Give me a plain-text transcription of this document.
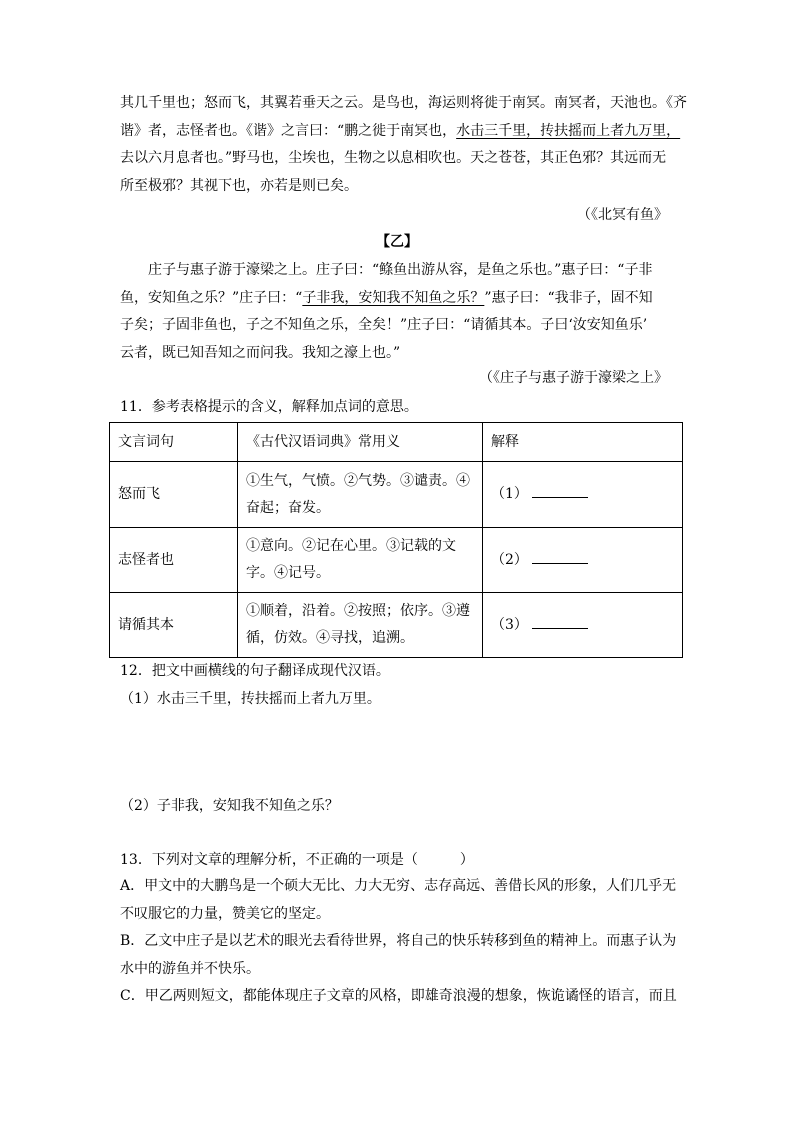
其几千里也；怒而飞，其翼若垂天之云。是鸟也，海运则将徙于南冥。南冥者，天池也。《齐
谐》者，志怪者也。《谐》之言曰：“鹏之徙于南冥也，水击三千里，抟扶摇而上者九万里，
去以六月息者也。”野马也，尘埃也，生物之以息相吹也。天之苍苍，其正色邪？其远而无
所至极邪？其视下也，亦若是则已矣。
（《北冥有鱼》
【乙】
　　庄子与惠子游于濠梁之上。庄子曰：“鲦鱼出游从容，是鱼之乐也。”惠子曰：“子非
鱼，安知鱼之乐？”庄子曰：“子非我，安知我不知鱼之乐？”惠子曰：“我非子，固不知
子矣；子固非鱼也，子之不知鱼之乐，全矣！”庄子曰：“请循其本。子曰‘汝安知鱼乐’
云者，既已知吾知之而问我。我知之濠上也。”
（《庄子与惠子游于濠梁之上》
11．参考表格提示的含义，解释加点词的意思。
文言词句	《古代汉语词典》常用义	解释
怒而飞	①生气，气愤。②气势。③谴责。④奋起；奋发。	（1）
志怪者也	①意向。②记在心里。③记载的文字。④记号。	（2）
请循其本	①顺着，沿着。②按照；依序。③遵循，仿效。④寻找，追溯。	（3）
12．把文中画横线的句子翻译成现代汉语。
（1）水击三千里，抟扶摇而上者九万里。
（2）子非我，安知我不知鱼之乐？
13．下列对文章的理解分析，不正确的一项是（　　　）
A．甲文中的大鹏鸟是一个硕大无比、力大无穷、志存高远、善借长风的形象，人们几乎无
不叹服它的力量，赞美它的坚定。
B．乙文中庄子是以艺术的眼光去看待世界，将自己的快乐转移到鱼的精神上。而惠子认为
水中的游鱼并不快乐。
C．甲乙两则短文，都能体现庄子文章的风格，即雄奇浪漫的想象，恢诡谲怪的语言，而且
